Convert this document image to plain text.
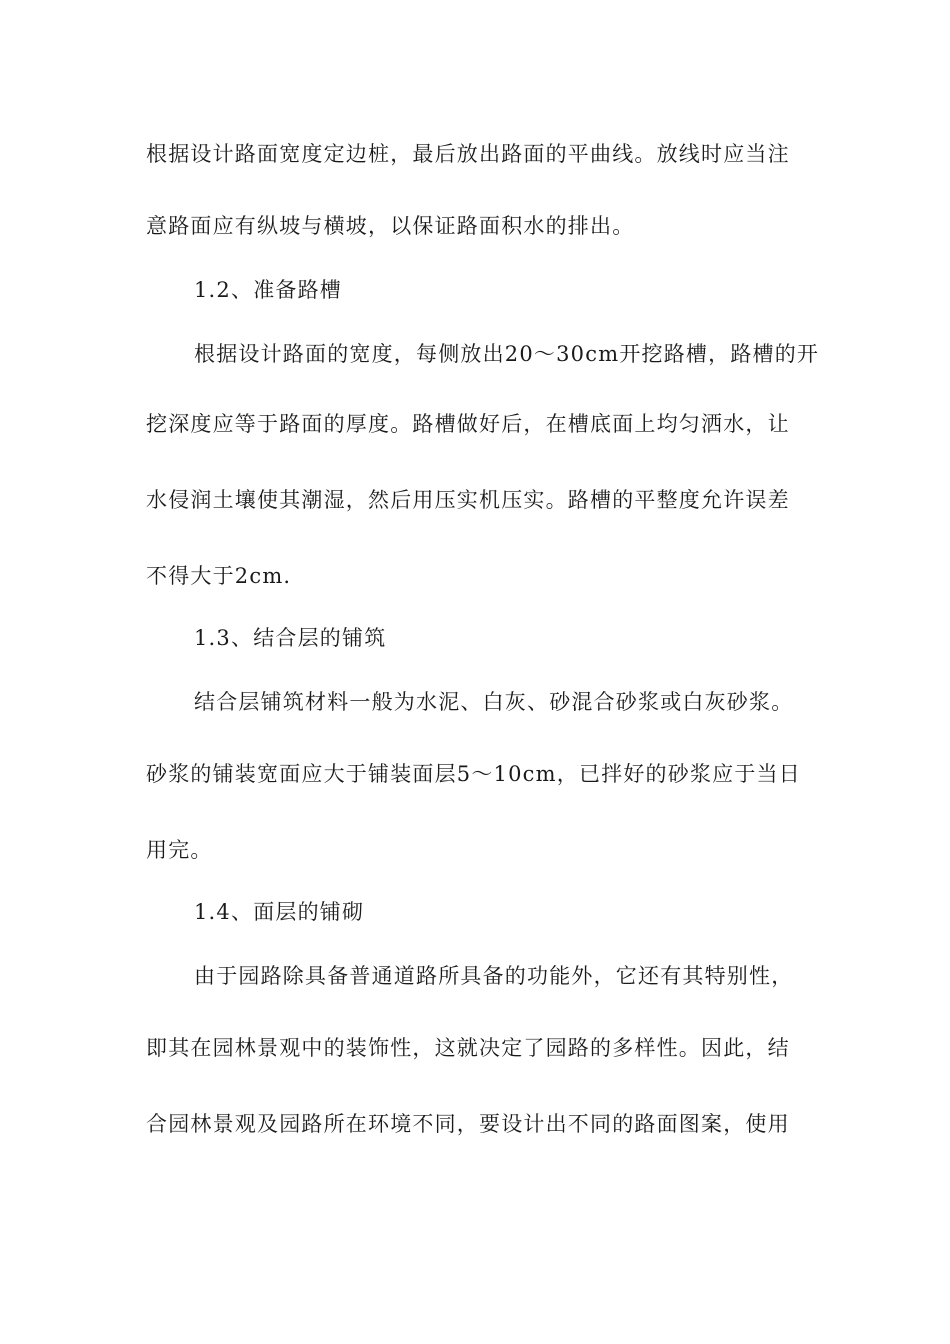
根据设计路面宽度定边桩，最后放出路面的平曲线。放线时应当注
意路面应有纵坡与横坡，以保证路面积水的排出。
1.2、准备路槽
根据设计路面的宽度，每侧放出20～30cm开挖路槽，路槽的开
挖深度应等于路面的厚度。路槽做好后，在槽底面上均匀洒水，让
水侵润土壤使其潮湿，然后用压实机压实。路槽的平整度允许误差
不得大于2cm.
1.3、结合层的铺筑
结合层铺筑材料一般为水泥、白灰、砂混合砂浆或白灰砂浆。
砂浆的铺装宽面应大于铺装面层5～10cm，已拌好的砂浆应于当日
用完。
1.4、面层的铺砌
由于园路除具备普通道路所具备的功能外，它还有其特别性，
即其在园林景观中的装饰性，这就决定了园路的多样性。因此，结
合园林景观及园路所在环境不同，要设计出不同的路面图案，使用
